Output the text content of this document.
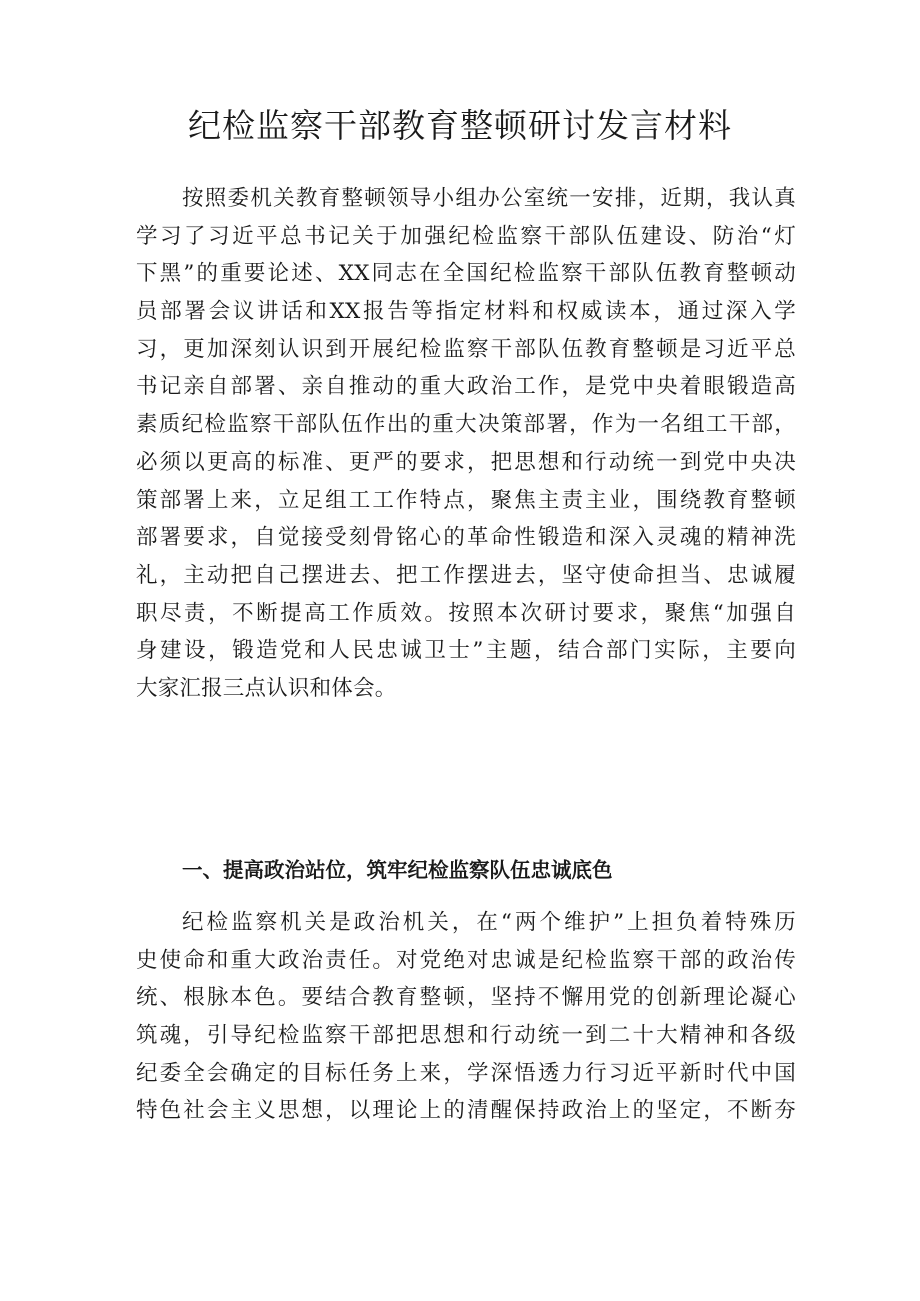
纪检监察干部教育整顿研讨发言材料
按照委机关教育整顿领导小组办公室统一安排，近期，我认真
学习了习近平总书记关于加强纪检监察干部队伍建设、防治“灯
下黑”的重要论述、XX同志在全国纪检监察干部队伍教育整顿动
员部署会议讲话和XX报告等指定材料和权威读本，通过深入学
习，更加深刻认识到开展纪检监察干部队伍教育整顿是习近平总
书记亲自部署、亲自推动的重大政治工作，是党中央着眼锻造高
素质纪检监察干部队伍作出的重大决策部署，作为一名组工干部，
必须以更高的标准、更严的要求，把思想和行动统一到党中央决
策部署上来，立足组工工作特点，聚焦主责主业，围绕教育整顿
部署要求，自觉接受刻骨铭心的革命性锻造和深入灵魂的精神洗
礼，主动把自己摆进去、把工作摆进去，坚守使命担当、忠诚履
职尽责，不断提高工作质效。按照本次研讨要求，聚焦“加强自
身建设，锻造党和人民忠诚卫士”主题，结合部门实际，主要向
大家汇报三点认识和体会。
一、提高政治站位，筑牢纪检监察队伍忠诚底色
纪检监察机关是政治机关，在“两个维护”上担负着特殊历
史使命和重大政治责任。对党绝对忠诚是纪检监察干部的政治传
统、根脉本色。要结合教育整顿，坚持不懈用党的创新理论凝心
筑魂，引导纪检监察干部把思想和行动统一到二十大精神和各级
纪委全会确定的目标任务上来，学深悟透力行习近平新时代中国
特色社会主义思想，以理论上的清醒保持政治上的坚定，不断夯
